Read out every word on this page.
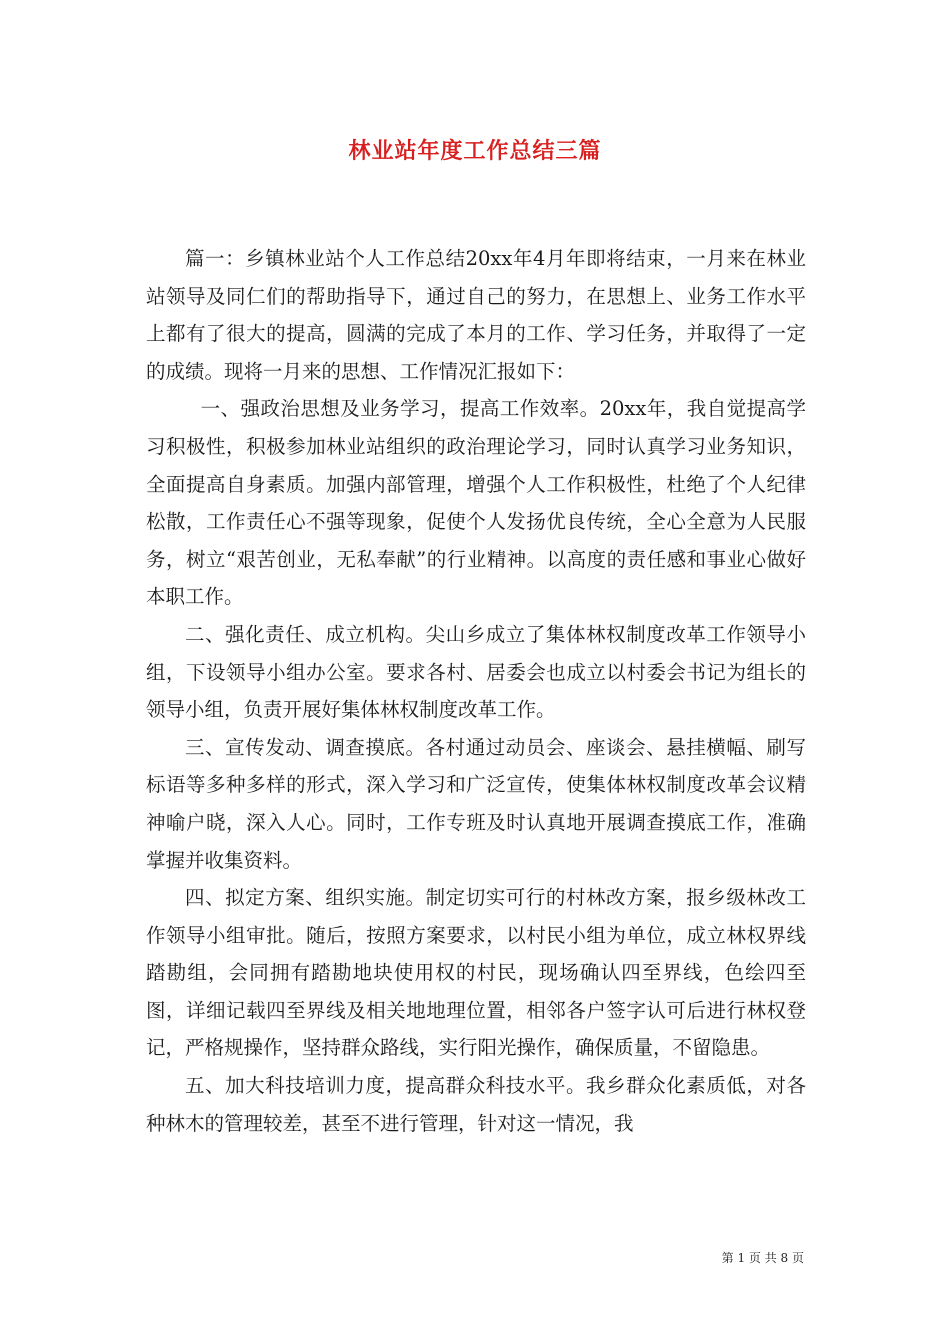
林业站年度工作总结三篇

篇一：乡镇林业站个人工作总结20xx年4月年即将结束，一月来在林业站领导及同仁们的帮助指导下，通过自己的努力，在思想上、业务工作水平上都有了很大的提高，圆满的完成了本月的工作、学习任务，并取得了一定的成绩。现将一月来的思想、工作情况汇报如下：

一、强政治思想及业务学习，提高工作效率。20xx年，我自觉提高学习积极性，积极参加林业站组织的政治理论学习，同时认真学习业务知识，全面提高自身素质。加强内部管理，增强个人工作积极性，杜绝了个人纪律松散，工作责任心不强等现象，促使个人发扬优良传统，全心全意为人民服务，树立“艰苦创业，无私奉献”的行业精神。以高度的责任感和事业心做好本职工作。

二、强化责任、成立机构。尖山乡成立了集体林权制度改革工作领导小组，下设领导小组办公室。要求各村、居委会也成立以村委会书记为组长的领导小组，负责开展好集体林权制度改革工作。

三、宣传发动、调查摸底。各村通过动员会、座谈会、悬挂横幅、刷写标语等多种多样的形式，深入学习和广泛宣传，使集体林权制度改革会议精神喻户晓，深入人心。同时，工作专班及时认真地开展调查摸底工作，准确掌握并收集资料。

四、拟定方案、组织实施。制定切实可行的村林改方案，报乡级林改工作领导小组审批。随后，按照方案要求，以村民小组为单位，成立林权界线踏勘组，会同拥有踏勘地块使用权的村民，现场确认四至界线，色绘四至图，详细记载四至界线及相关地地理位置，相邻各户签字认可后进行林权登记，严格规操作，坚持群众路线，实行阳光操作，确保质量，不留隐患。

五、加大科技培训力度，提高群众科技水平。我乡群众化素质低，对各种林木的管理较差，甚至不进行管理，针对这一情况，我

第 1 页 共 8 页
